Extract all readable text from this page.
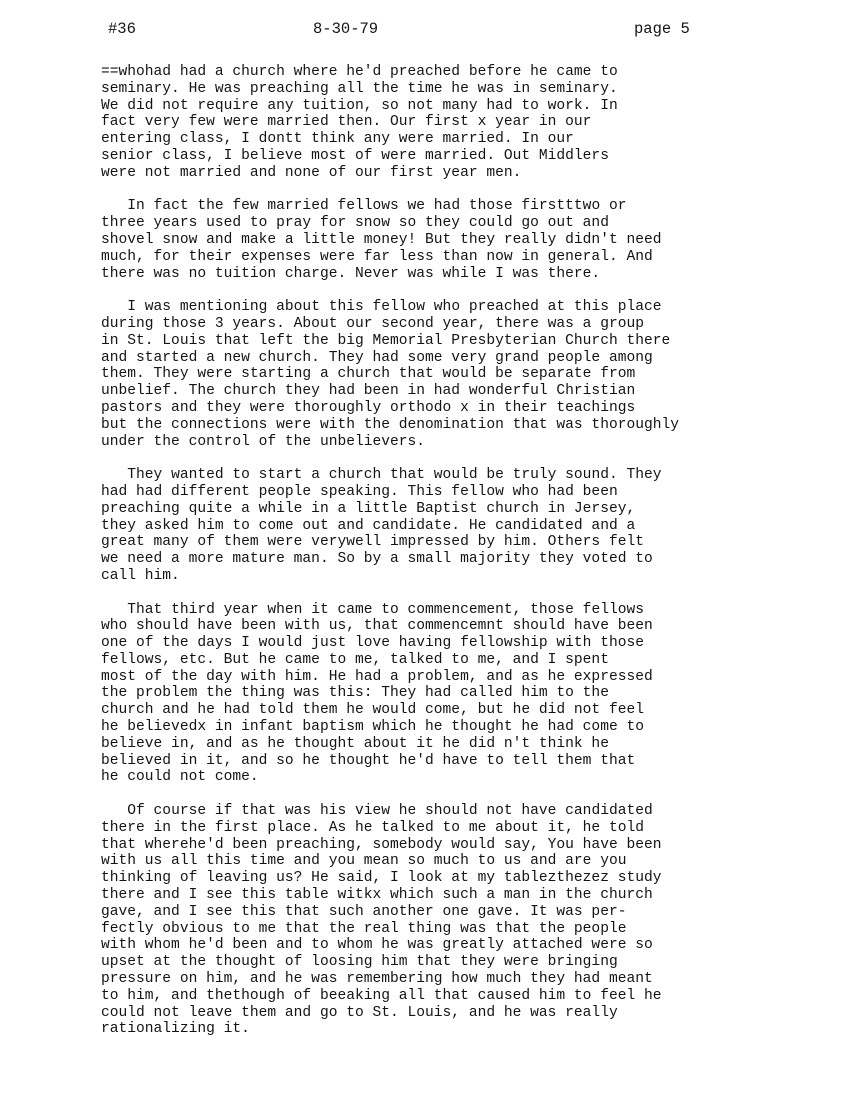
#36	8-30-79	page 5

==whohad had a church where he'd preached before he came to
seminary. He was preaching all the time he was in seminary.
We did not require any tuition, so not many had to work. In
fact very few were married then. Our first x year in our
entering class, I dontt think any were married. In our
senior class, I believe most of were married. Out Middlers
were not married and none of our first year men.

In fact the few married fellows we had those firstttwo or
three years used to pray for snow so they could go out and
shovel snow and make a little money! But they really didn't need
much, for their expenses were far less than now in general. And
there was no tuition charge. Never was while I was there.

I was mentioning about this fellow who preached at this place
during those 3 years. About our second year, there was a group
in St. Louis that left the big Memorial Presbyterian Church there
and started a new church. They had some very grand people among
them. They were starting a church that would be separate from
unbelief. The church they had been in had wonderful Christian
pastors and they were thoroughly orthodo x in their teachings
but the connections were with the denomination that was thoroughly
under the control of the unbelievers.

They wanted to start a church that would be truly sound. They
had had different people speaking. This fellow who had been
preaching quite a while in a little Baptist church in Jersey,
they asked him to come out and candidate. He candidated and a
great many of them were verywell impressed by him. Others felt
we need a more mature man. So by a small majority they voted to
call him.

That third year when it came to commencement, those fellows
who should have been with us, that commencemnt should have been
one of the days I would just love having fellowship with those
fellows, etc. But he came to me, talked to me, and I spent
most of the day with him. He had a problem, and as he expressed
the problem the thing was this: They had called him to the
church and he had told them he would come, but he did not feel
he believedx in infant baptism which he thought he had come to
believe in, and as he thought about it he did n't think he
believed in it, and so he thought he'd have to tell them that
he could not come.

Of course if that was his view he should not have candidated
there in the first place. As he talked to me about it, he told
that wherehe'd been preaching, somebody would say, You have been
with us all this time and you mean so much to us and are you
thinking of leaving us? He said, I look at my tablezthezez study
there and I see this table witkx which such a man in the church
gave, and I see this that such another one gave. It was per-
fectly obvious to me that the real thing was that the people
with whom he'd been and to whom he was greatly attached were so
upset at the thought of loosing him that they were bringing
pressure on him, and he was remembering how much they had meant
to him, and thethough of beeaking all that caused him to feel he
could not leave them and go to St. Louis, and he was really
rationalizing it.
